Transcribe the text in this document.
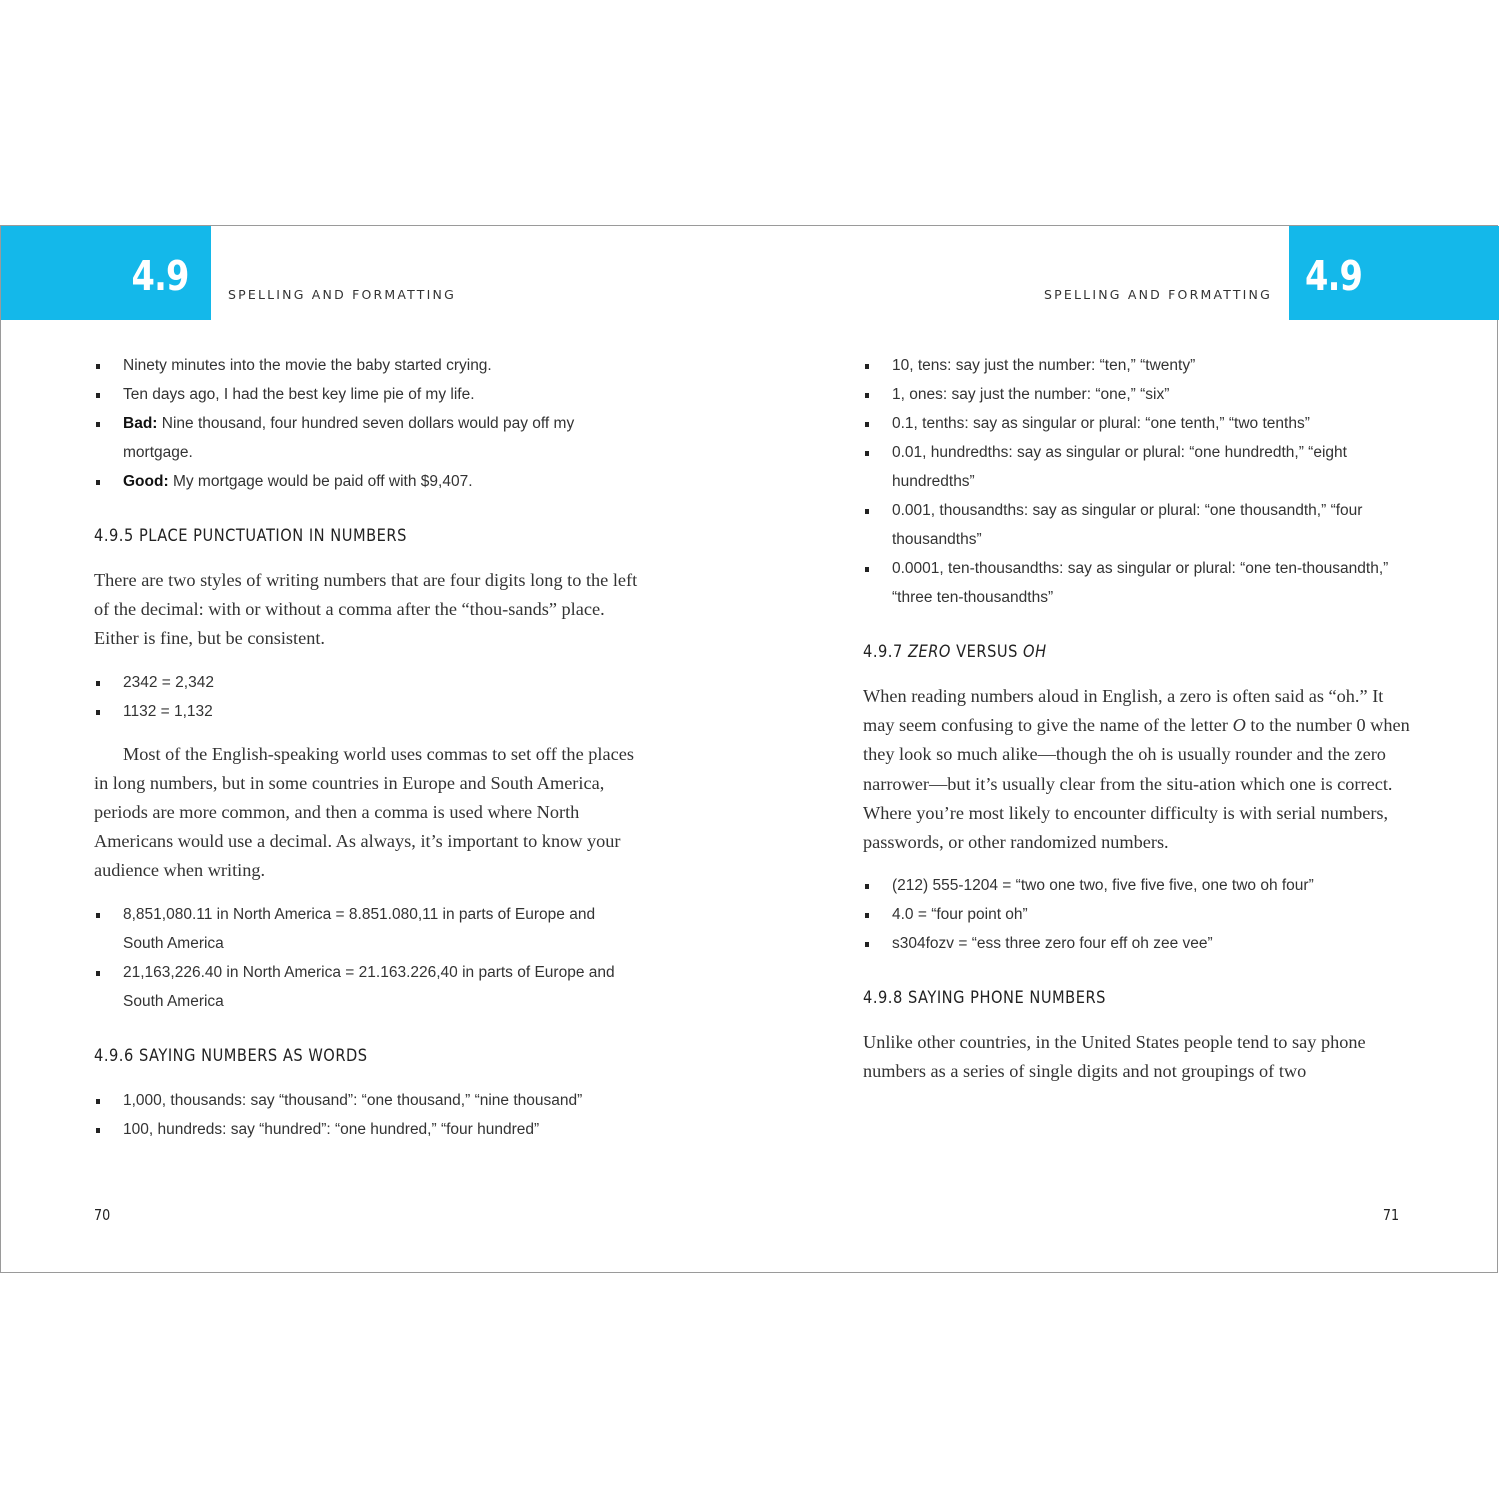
4.9	SPELLING AND FORMATTING
Ninety minutes into the movie the baby started crying.
Ten days ago, I had the best key lime pie of my life.
Bad: Nine thousand, four hundred seven dollars would pay off my mortgage.
Good: My mortgage would be paid off with $9,407.
4.9.5 PLACE PUNCTUATION IN NUMBERS

There are two styles of writing numbers that are four digits long to the left of the decimal: with or without a comma after the “thou-sands” place. Either is fine, but be consistent.

2342 = 2,342
1132 = 1,132

Most of the English-speaking world uses commas to set off the places in long numbers, but in some countries in Europe and South America, periods are more common, and then a comma is used where North Americans would use a decimal. As always, it’s important to know your audience when writing.

8,851,080.11 in North America = 8.851.080,11 in parts of Europe and South America
21,163,226.40 in North America = 21.163.226,40 in parts of Europe and South America
4.9.6 SAYING NUMBERS AS WORDS
1,000, thousands: say “thousand”: “one thousand,” “nine thousand”
100, hundreds: say “hundred”: “one hundred,” “four hundred”
70
SPELLING AND FORMATTING 4.9
10, tens: say just the number: “ten,” “twenty”
1, ones: say just the number: “one,” “six”
0.1, tenths: say as singular or plural: “one tenth,” “two tenths”
0.01, hundredths: say as singular or plural: “one hundredth,” “eight hundredths”
0.001, thousandths: say as singular or plural: “one thousandth,” “four thousandths”
0.0001, ten-thousandths: say as singular or plural: “one ten-thousandth,” “three ten-thousandths”
4.9.7 ZERO VERSUS OH

When reading numbers aloud in English, a zero is often said as “oh.” It may seem confusing to give the name of the letter O to the number 0 when they look so much alike—though the oh is usually rounder and the zero narrower—but it’s usually clear from the situ-ation which one is correct. Where you’re most likely to encounter difficulty is with serial numbers, passwords, or other randomized numbers.

(212) 555-1204 = “two one two, five five five, one two oh four”
4.0 = “four point oh”
s304fozv = “ess three zero four eff oh zee vee”
4.9.8 SAYING PHONE NUMBERS

Unlike other countries, in the United States people tend to say phone numbers as a series of single digits and not groupings of two

71
